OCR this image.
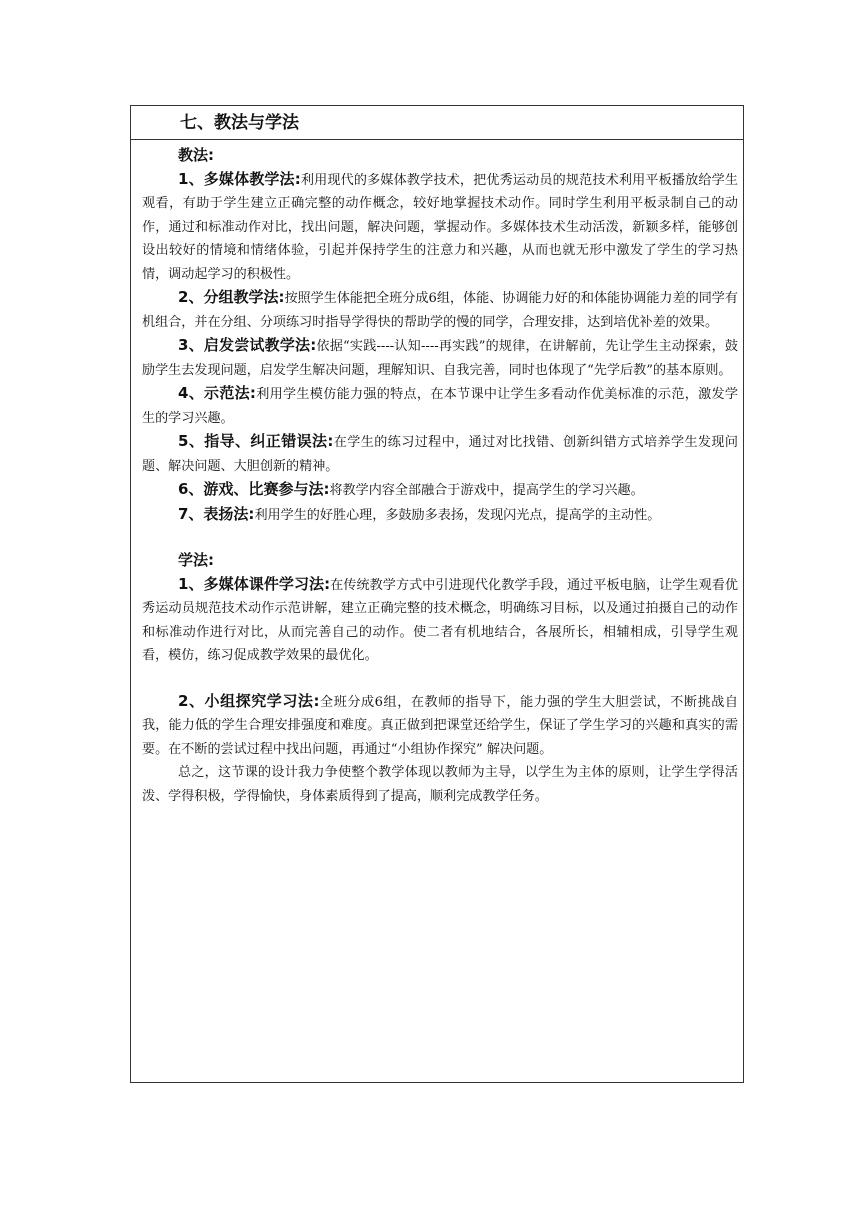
七、教法与学法
教法:

1、多媒体教学法:利用现代的多媒体教学技术，把优秀运动员的规范技术利用平板播放给学生观看，有助于学生建立正确完整的动作概念，较好地掌握技术动作。同时学生利用平板录制自己的动作，通过和标准动作对比，找出问题，解决问题，掌握动作。多媒体技术生动活泼，新颖多样，能够创设出较好的情境和情绪体验，引起并保持学生的注意力和兴趣，从而也就无形中激发了学生的学习热情，调动起学习的积极性。

2、分组教学法:按照学生体能把全班分成6组，体能、协调能力好的和体能协调能力差的同学有机组合，并在分组、分项练习时指导学得快的帮助学的慢的同学，合理安排，达到培优补差的效果。

3、启发尝试教学法:依据“实践----认知----再实践”的规律，在讲解前，先让学生主动探索，鼓励学生去发现问题，启发学生解决问题，理解知识、自我完善，同时也体现了“先学后教”的基本原则。

4、示范法:利用学生模仿能力强的特点，在本节课中让学生多看动作优美标准的示范，激发学生的学习兴趣。

5、指导、纠正错误法:在学生的练习过程中，通过对比找错、创新纠错方式培养学生发现问题、解决问题、大胆创新的精神。

6、游戏、比赛参与法:将教学内容全部融合于游戏中，提高学生的学习兴趣。

7、表扬法:利用学生的好胜心理，多鼓励多表扬，发现闪光点，提高学的主动性。

学法:

1、多媒体课件学习法:在传统教学方式中引进现代化教学手段，通过平板电脑，让学生观看优秀运动员规范技术动作示范讲解，建立正确完整的技术概念，明确练习目标，以及通过拍摄自己的动作和标准动作进行对比，从而完善自己的动作。使二者有机地结合，各展所长，相辅相成，引导学生观看，模仿，练习促成教学效果的最优化。

2、小组探究学习法:全班分成6组，在教师的指导下，能力强的学生大胆尝试，不断挑战自我，能力低的学生合理安排强度和难度。真正做到把课堂还给学生，保证了学生学习的兴趣和真实的需要。在不断的尝试过程中找出问题，再通过“小组协作探究” 解决问题。

总之，这节课的设计我力争使整个教学体现以教师为主导，以学生为主体的原则，让学生学得活泼、学得积极，学得愉快，身体素质得到了提高，顺利完成教学任务。
